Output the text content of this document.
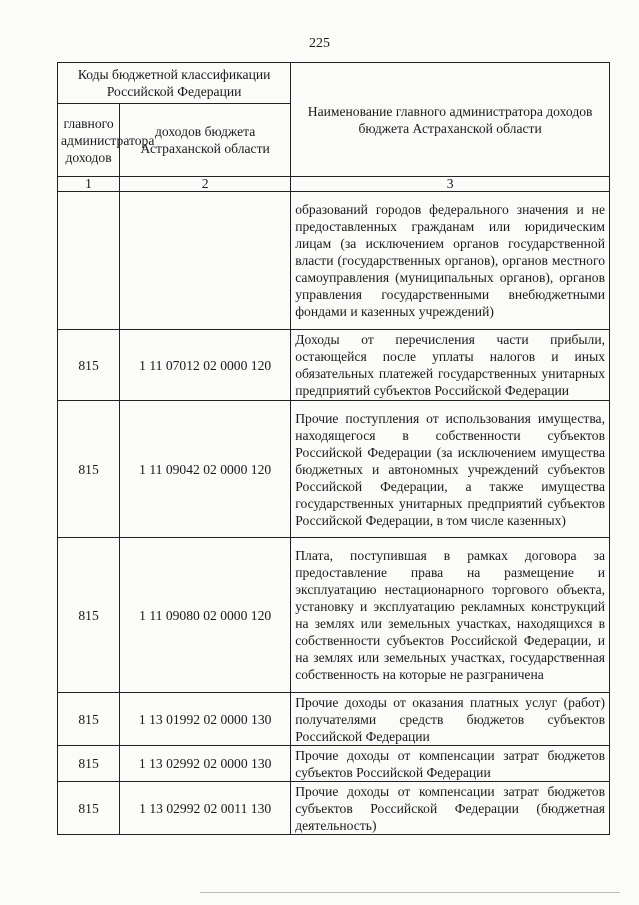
225
Коды бюджетной классификации Российской Федерации		Наименование главного администратора доходов бюджета Астраханской области
главного администратора доходов	доходов бюджета Астраханской области	
1	2	3
		образований городов федерального значения и не предоставленных гражданам или юридическим лицам (за исключением органов государственной власти (государственных органов), органов местного самоуправления (муниципальных органов), органов управления государственными внебюджетными фондами и казенных учреждений)
815	1 11 07012 02 0000 120	Доходы от перечисления части прибыли, остающейся после уплаты налогов и иных обязательных платежей государственных унитарных предприятий субъектов Российской Федерации
815	1 11 09042 02 0000 120	Прочие поступления от использования имущества, находящегося в собственности субъектов Российской Федерации (за исключением имущества бюджетных и автономных учреждений субъектов Российской Федерации, а также имущества государственных унитарных предприятий субъектов Российской Федерации, в том числе казенных)
815	1 11 09080 02 0000 120	Плата, поступившая в рамках договора за предоставление права на размещение и эксплуатацию нестационарного торгового объекта, установку и эксплуатацию рекламных конструкций на землях или земельных участках, находящихся в собственности субъектов Российской Федерации, и на землях или земельных участках, государственная собственность на которые не разграничена
815	1 13 01992 02 0000 130	Прочие доходы от оказания платных услуг (работ) получателями средств бюджетов субъектов Российской Федерации
815	1 13 02992 02 0000 130	Прочие доходы от компенсации затрат бюджетов субъектов Российской Федерации
815	1 13 02992 02 0011 130	Прочие доходы от компенсации затрат бюджетов субъектов Российской Федерации (бюджетная деятельность)
